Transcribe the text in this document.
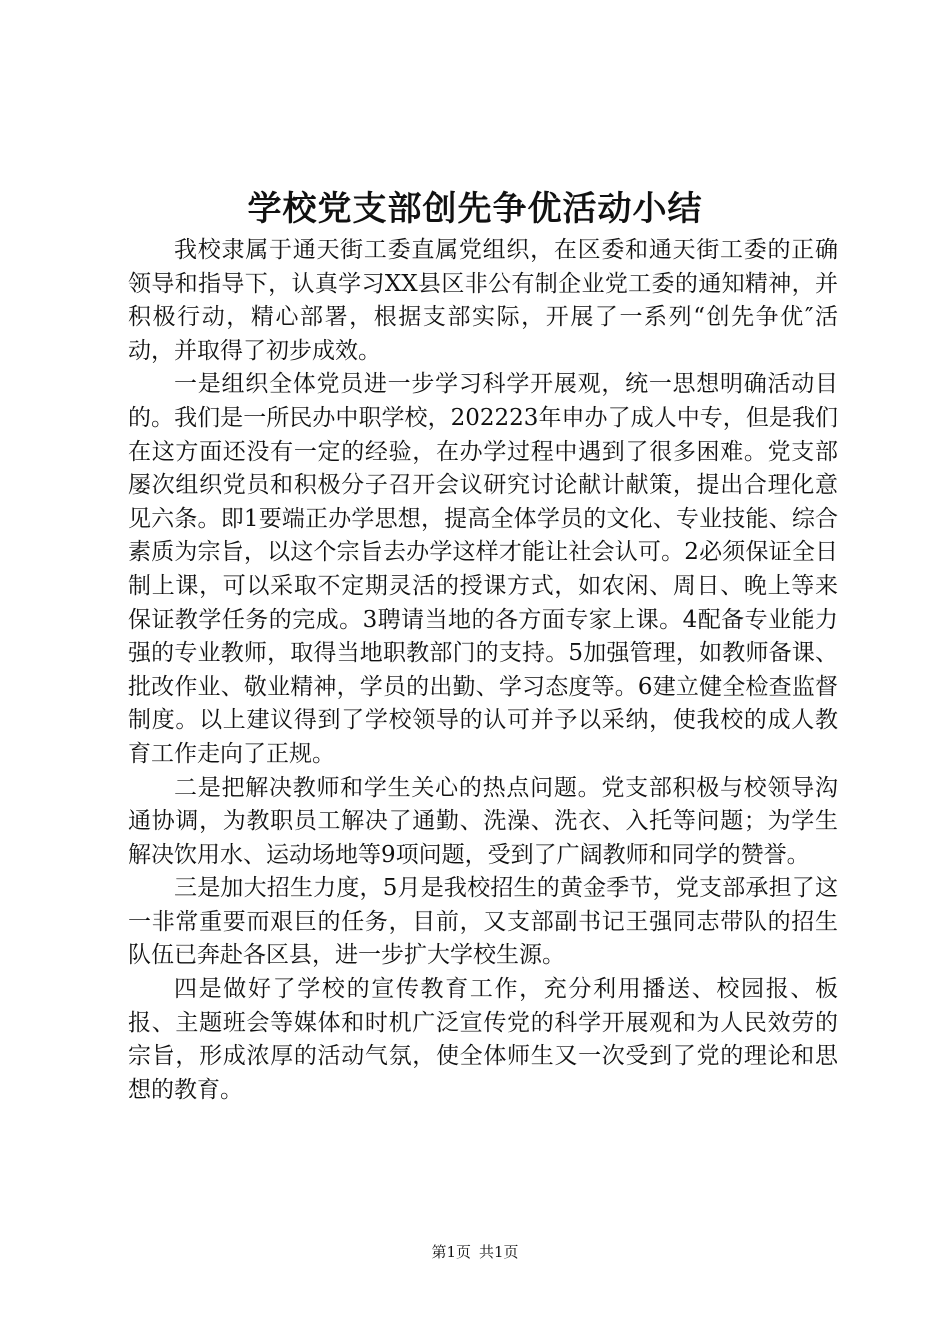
学校党支部创先争优活动小结

我校隶属于通天街工委直属党组织，在区委和通天街工委的正确领导和指导下，认真学习XX县区非公有制企业党工委的通知精神，并积极行动，精心部署，根据支部实际，开展了一系列“创先争优″活动，并取得了初步成效。

一是组织全体党员进一步学习科学开展观，统一思想明确活动目的。我们是一所民办中职学校，202223年申办了成人中专，但是我们在这方面还没有一定的经验，在办学过程中遇到了很多困难。党支部屡次组织党员和积极分子召开会议研究讨论献计献策，提出合理化意见六条。即1要端正办学思想，提高全体学员的文化、专业技能、综合素质为宗旨，以这个宗旨去办学这样才能让社会认可。2必须保证全日制上课，可以采取不定期灵活的授课方式，如农闲、周日、晚上等来保证教学任务的完成。3聘请当地的各方面专家上课。4配备专业能力强的专业教师，取得当地职教部门的支持。5加强管理，如教师备课、批改作业、敬业精神，学员的出勤、学习态度等。6建立健全检查监督制度。以上建议得到了学校领导的认可并予以采纳，使我校的成人教育工作走向了正规。

二是把解决教师和学生关心的热点问题。党支部积极与校领导沟通协调，为教职员工解决了通勤、洗澡、洗衣、入托等问题；为学生解决饮用水、运动场地等9项问题，受到了广阔教师和同学的赞誉。

三是加大招生力度，5月是我校招生的黄金季节，党支部承担了这一非常重要而艰巨的任务，目前，又支部副书记王强同志带队的招生队伍已奔赴各区县，进一步扩大学校生源。

四是做好了学校的宣传教育工作，充分利用播送、校园报、板报、主题班会等媒体和时机广泛宣传党的科学开展观和为人民效劳的宗旨，形成浓厚的活动气氛，使全体师生又一次受到了党的理论和思想的教育。

第1页 共1页
